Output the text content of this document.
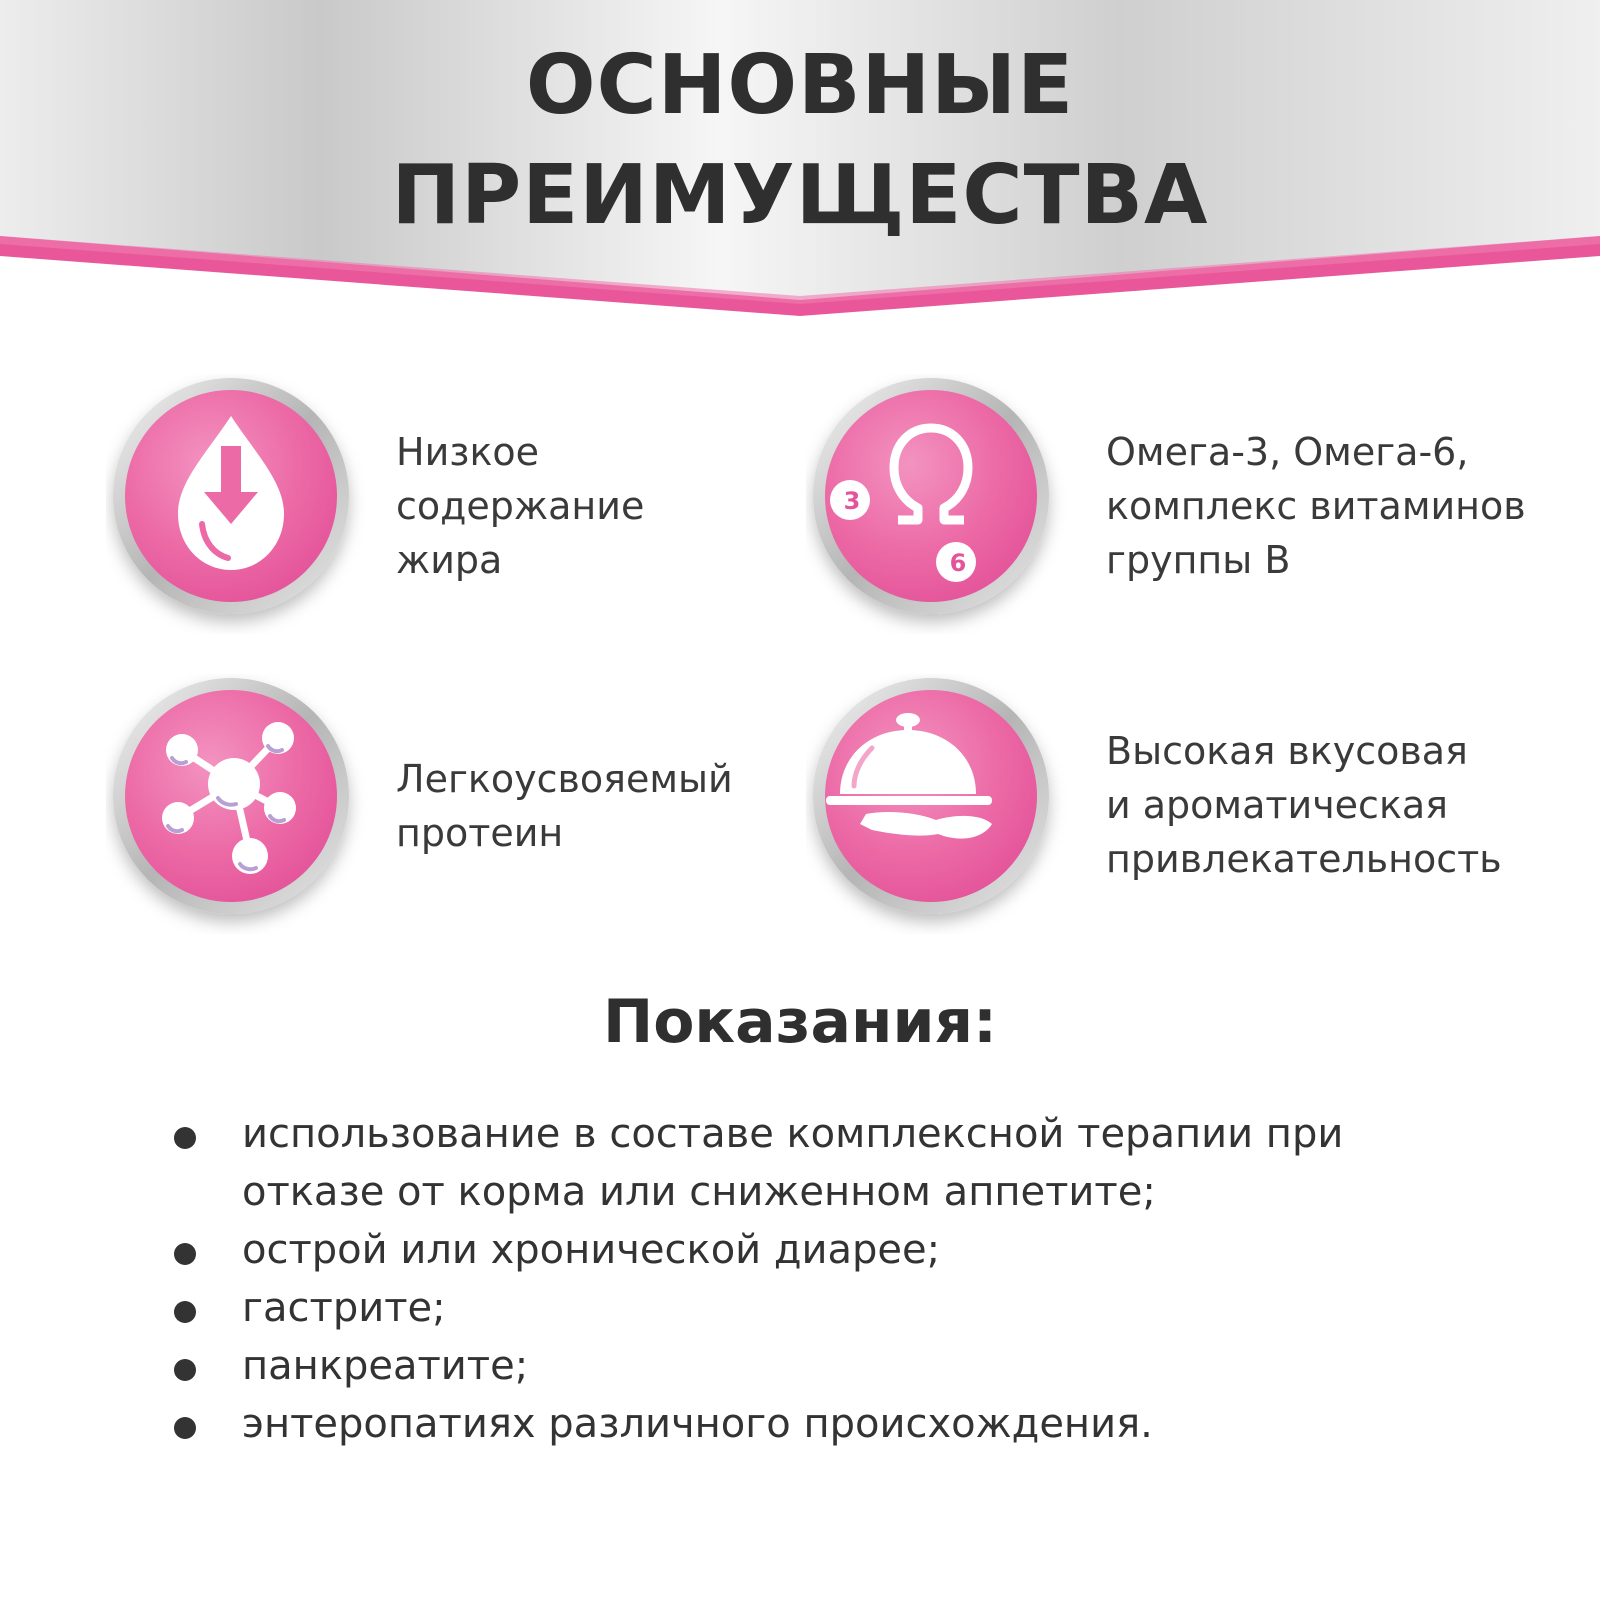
ОСНОВНЫЕ
ПРЕИМУЩЕСТВА
Низкое
содержание
жира
3
6
Омега-3, Омега-6,
комплекс витаминов
группы В
Легкоусвояемый
протеин
Высокая вкусовая
и ароматическая
привлекательность
Показания:
использование в составе комплексной терапии при
отказе от корма или сниженном аппетите;
острой или хронической диарее;
гастрите;
панкреатите;
энтеропатиях различного происхождения.
